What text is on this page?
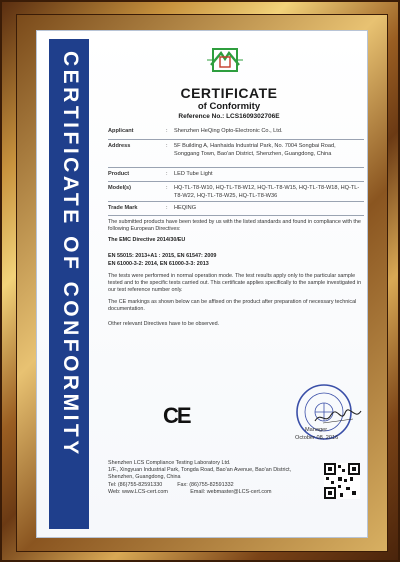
CERTIFICATE OF CONFORMITY	CERTIFICATE
of Conformity
Reference No.: LCS1609302706E
Applicant	: Shenzhen HeQing Opto-Electronic Co., Ltd.
Address	: 5F Building A, Hanhaida Industrial Park, No. 7004 Songbai Road, Songgang Town, Bao'an District, Shenzhen, Guangdong, China
Product	: LED Tube Light
Model(s)	: HQ-TL-T8-W10, HQ-TL-T8-W12, HQ-TL-T8-W15, HQ-TL-T8-W18, HQ-TL-T8-W22, HQ-TL-T8-W25, HQ-TL-T8-W36
Trade Mark	: HEQING
The submitted products have been tested by us with the listed standards and found in compliance with the following European Directives:
The EMC Directive 2014/30/EU
EN 55015: 2013+A1 : 2015, EN 61547: 2009
EN 61000-3-2: 2014, EN 61000-3-3: 2013
The tests were performed in normal operation mode. The test results apply only to the particular sample tested and to the specific tests carried out. This certificate applies specifically to the sample investigated in our test reference number only.
The CE markings as shown below can be affixed on the product after preparation of necessary technical documentation.
Other relevant Directives have to be observed.
CE
Manager
October 08, 2016
Shenzhen LCS Compliance Testing Laboratory Ltd.
1/F., Xingyuan Industrial Park, Tongda Road, Bao'an Avenue, Bao'an District,
Shenzhen, Guangdong, China
Tel: (86)755-82591330          Fax: (86)755-82591332
Web: www.LCS-cert.com               Email: webmaster@LCS-cert.com
